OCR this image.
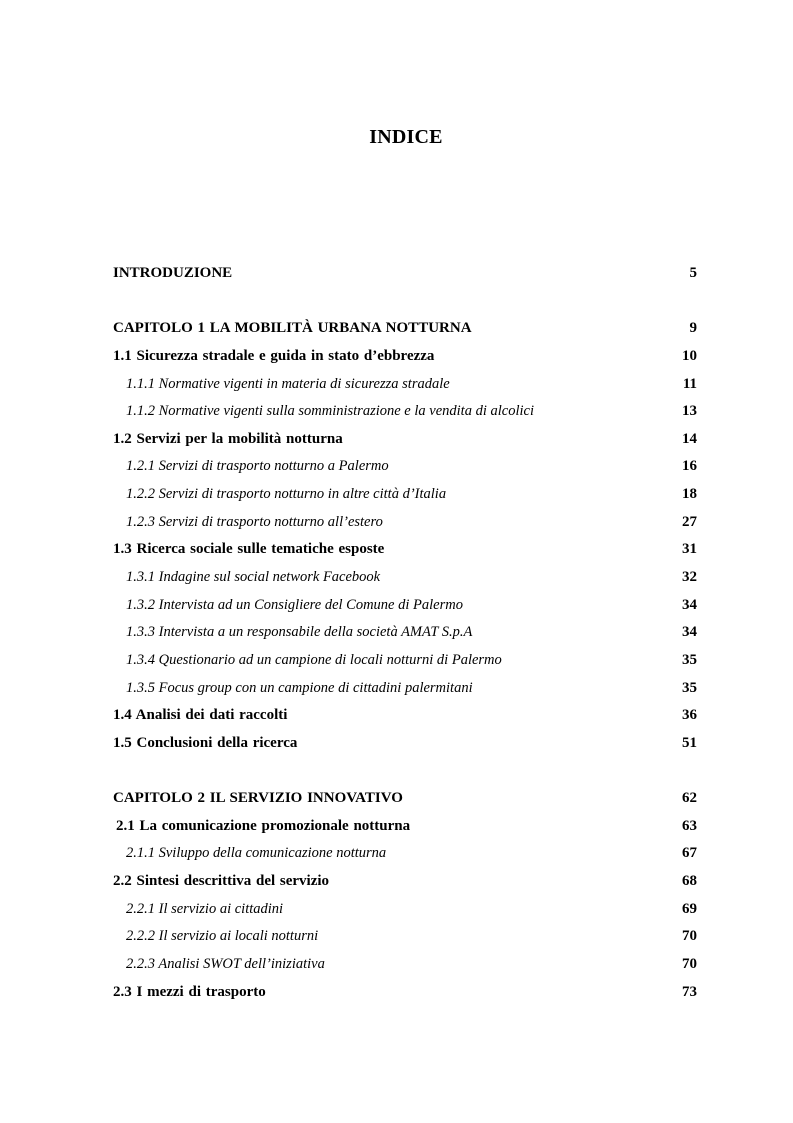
INDICE
INTRODUZIONE	5
CAPITOLO 1 LA MOBILITÀ URBANA NOTTURNA	9
1.1 Sicurezza stradale e guida in stato d’ebbrezza	10
1.1.1 Normative vigenti in materia di sicurezza stradale	11
1.1.2 Normative vigenti sulla somministrazione e la vendita di alcolici	13
1.2 Servizi per la mobilità notturna	14
1.2.1 Servizi di trasporto notturno a Palermo	16
1.2.2 Servizi di trasporto notturno in altre città d’Italia	18
1.2.3 Servizi di trasporto notturno all’estero	27
1.3 Ricerca sociale sulle tematiche esposte	31
1.3.1 Indagine sul social network Facebook	32
1.3.2 Intervista ad un Consigliere del Comune di Palermo	34
1.3.3 Intervista a un responsabile della società AMAT S.p.A	34
1.3.4 Questionario ad un campione di locali notturni di Palermo	35
1.3.5 Focus group con un campione di cittadini palermitani	35
1.4 Analisi dei dati raccolti	36
1.5 Conclusioni della ricerca	51
CAPITOLO 2 IL SERVIZIO INNOVATIVO	62
2.1 La comunicazione promozionale notturna	63
2.1.1 Sviluppo della comunicazione notturna	67
2.2 Sintesi descrittiva del servizio	68
2.2.1 Il servizio ai cittadini	69
2.2.2 Il servizio ai locali notturni	70
2.2.3 Analisi SWOT dell’iniziativa	70
2.3 I mezzi di trasporto	73
